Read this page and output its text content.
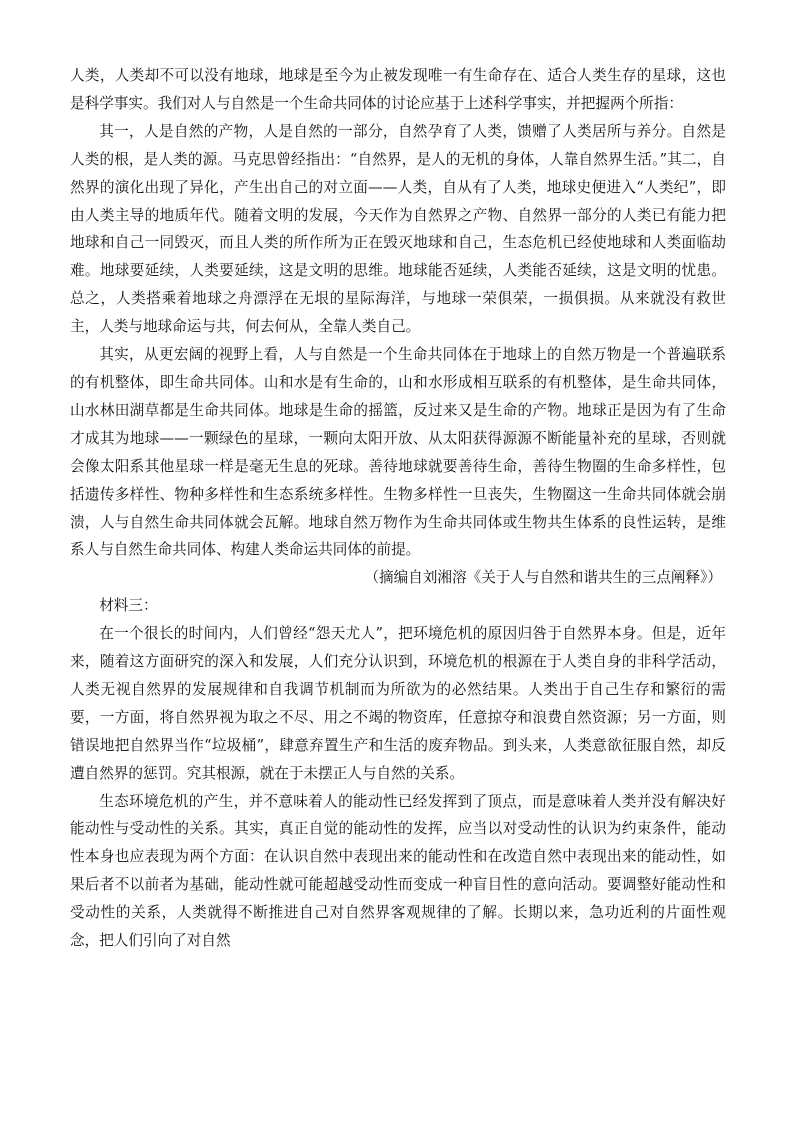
人类，人类却不可以没有地球，地球是至今为止被发现唯一有生命存在、适合人类生存的星球，这也是科学事实。我们对人与自然是一个生命共同体的讨论应基于上述科学事实，并把握两个所指：

其一，人是自然的产物，人是自然的一部分，自然孕育了人类，馈赠了人类居所与养分。自然是人类的根，是人类的源。马克思曾经指出：“自然界，是人的无机的身体，人靠自然界生活。”其二，自然界的演化出现了异化，产生出自己的对立面——人类，自从有了人类，地球史便进入“人类纪”，即由人类主导的地质年代。随着文明的发展，今天作为自然界之产物、自然界一部分的人类已有能力把地球和自己一同毁灭，而且人类的所作所为正在毁灭地球和自己，生态危机已经使地球和人类面临劫难。地球要延续，人类要延续，这是文明的思维。地球能否延续，人类能否延续，这是文明的忧患。总之，人类搭乘着地球之舟漂浮在无垠的星际海洋，与地球一荣俱荣，一损俱损。从来就没有救世主，人类与地球命运与共，何去何从，全靠人类自己。

其实，从更宏阔的视野上看，人与自然是一个生命共同体在于地球上的自然万物是一个普遍联系的有机整体，即生命共同体。山和水是有生命的，山和水形成相互联系的有机整体，是生命共同体，山水林田湖草都是生命共同体。地球是生命的摇篮，反过来又是生命的产物。地球正是因为有了生命才成其为地球——一颗绿色的星球，一颗向太阳开放、从太阳获得源源不断能量补充的星球，否则就会像太阳系其他星球一样是毫无生息的死球。善待地球就要善待生命，善待生物圈的生命多样性，包括遗传多样性、物种多样性和生态系统多样性。生物多样性一旦丧失，生物圈这一生命共同体就会崩溃，人与自然生命共同体就会瓦解。地球自然万物作为生命共同体或生物共生体系的良性运转，是维系人与自然生命共同体、构建人类命运共同体的前提。

（摘编自刘湘溶《关于人与自然和谐共生的三点阐释》）

材料三：

在一个很长的时间内，人们曾经“怨天尤人”，把环境危机的原因归咎于自然界本身。但是，近年来，随着这方面研究的深入和发展，人们充分认识到，环境危机的根源在于人类自身的非科学活动，人类无视自然界的发展规律和自我调节机制而为所欲为的必然结果。人类出于自己生存和繁衍的需要，一方面，将自然界视为取之不尽、用之不竭的物资库，任意掠夺和浪费自然资源；另一方面，则错误地把自然界当作“垃圾桶”，肆意弃置生产和生活的废弃物品。到头来，人类意欲征服自然，却反遭自然界的惩罚。究其根源，就在于未摆正人与自然的关系。

生态环境危机的产生，并不意味着人的能动性已经发挥到了顶点，而是意味着人类并没有解决好能动性与受动性的关系。其实，真正自觉的能动性的发挥，应当以对受动性的认识为约束条件，能动性本身也应表现为两个方面：在认识自然中表现出来的能动性和在改造自然中表现出来的能动性，如果后者不以前者为基础，能动性就可能超越受动性而变成一种盲目性的意向活动。要调整好能动性和受动性的关系，人类就得不断推进自己对自然界客观规律的了解。长期以来，急功近利的片面性观念，把人们引向了对自然
